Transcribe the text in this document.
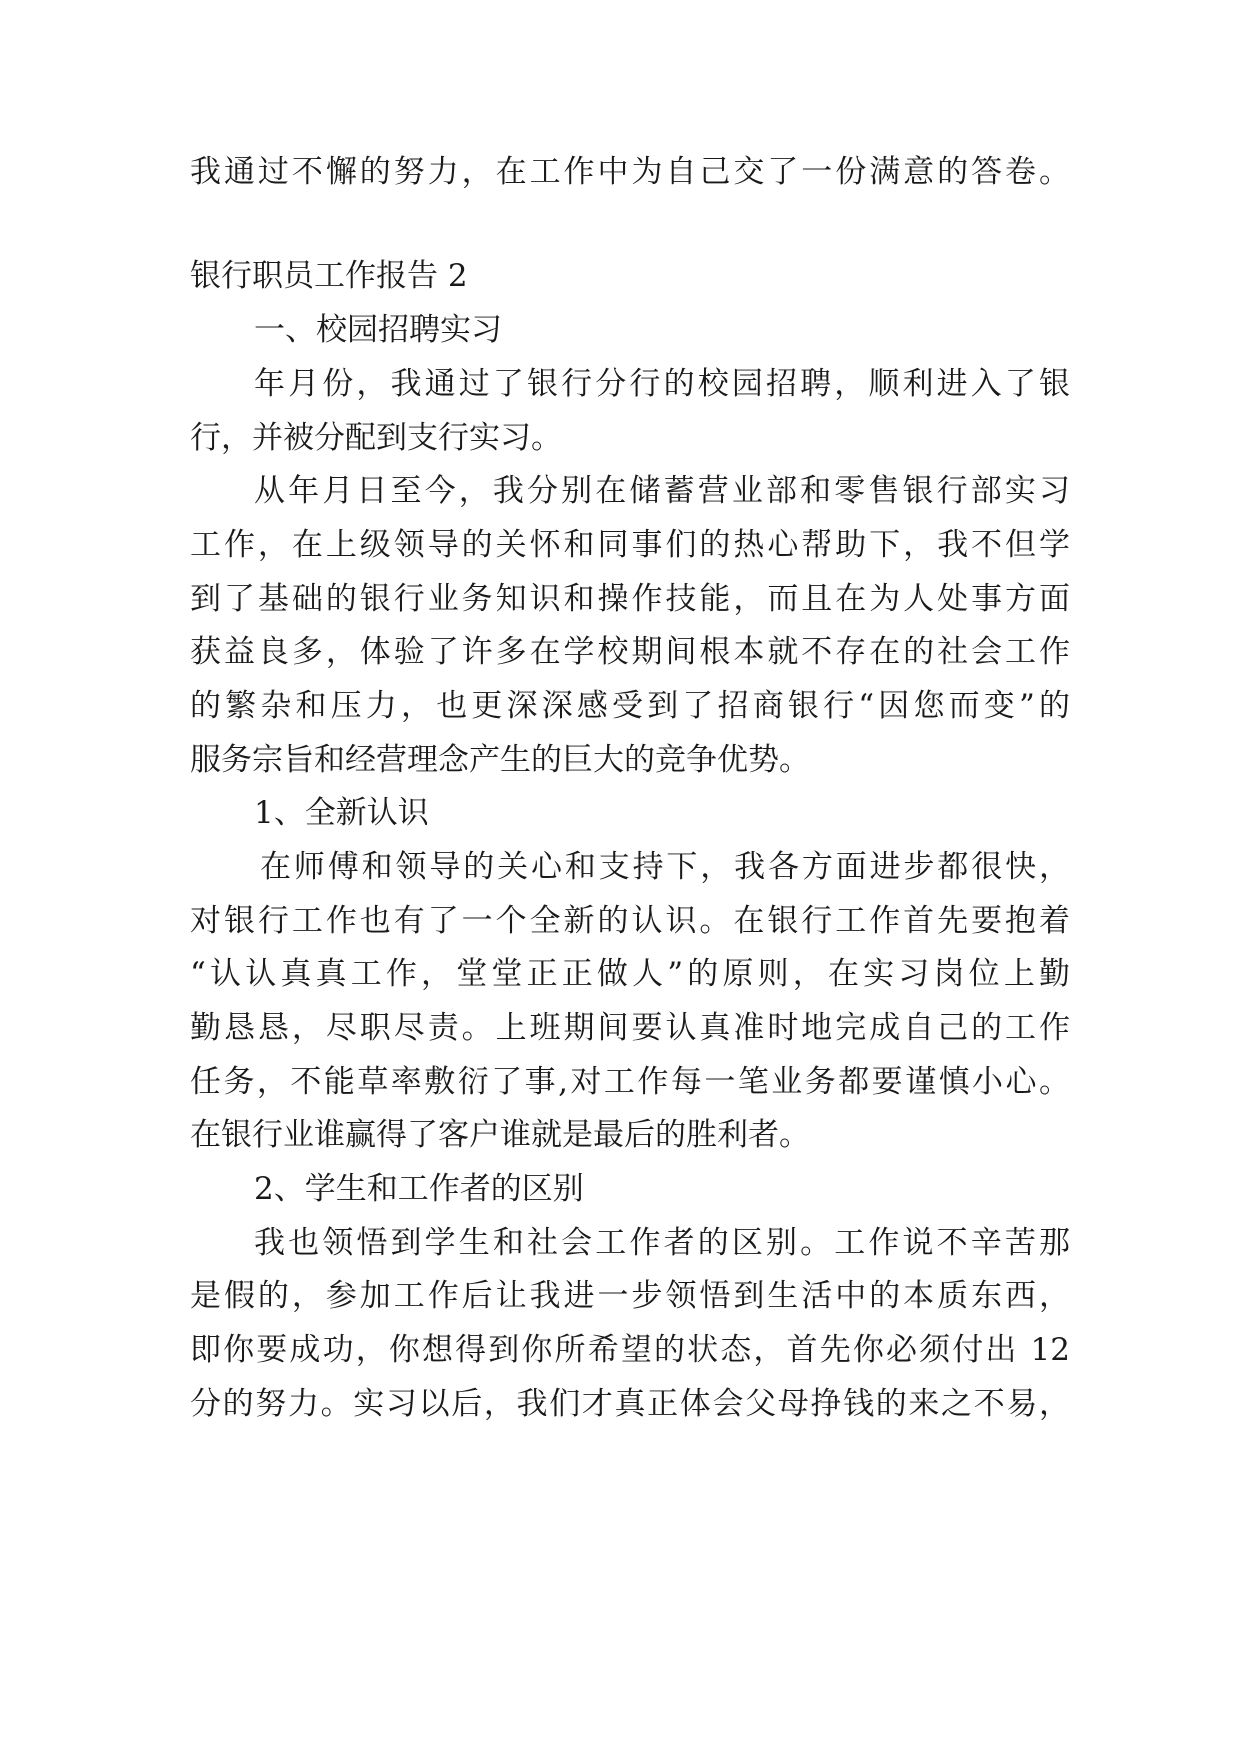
我通过不懈的努力，在工作中为自己交了一份满意的答卷。
银行职员工作报告 2
一、校园招聘实习
年月份，我通过了银行分行的校园招聘，顺利进入了银
行，并被分配到支行实习。
从年月日至今，我分别在储蓄营业部和零售银行部实习
工作，在上级领导的关怀和同事们的热心帮助下，我不但学
到了基础的银行业务知识和操作技能，而且在为人处事方面
获益良多，体验了许多在学校期间根本就不存在的社会工作
的繁杂和压力，也更深深感受到了招商银行“因您而变”的
服务宗旨和经营理念产生的巨大的竞争优势。
1、全新认识
在师傅和领导的关心和支持下，我各方面进步都很快，
对银行工作也有了一个全新的认识。在银行工作首先要抱着
“认认真真工作，堂堂正正做人”的原则，在实习岗位上勤
勤恳恳，尽职尽责。上班期间要认真准时地完成自己的工作
任务，不能草率敷衍了事,对工作每一笔业务都要谨慎小心。
在银行业谁赢得了客户谁就是最后的胜利者。
2、学生和工作者的区别
我也领悟到学生和社会工作者的区别。工作说不辛苦那
是假的，参加工作后让我进一步领悟到生活中的本质东西，
即你要成功，你想得到你所希望的状态，首先你必须付出 12
分的努力。实习以后，我们才真正体会父母挣钱的来之不易，
